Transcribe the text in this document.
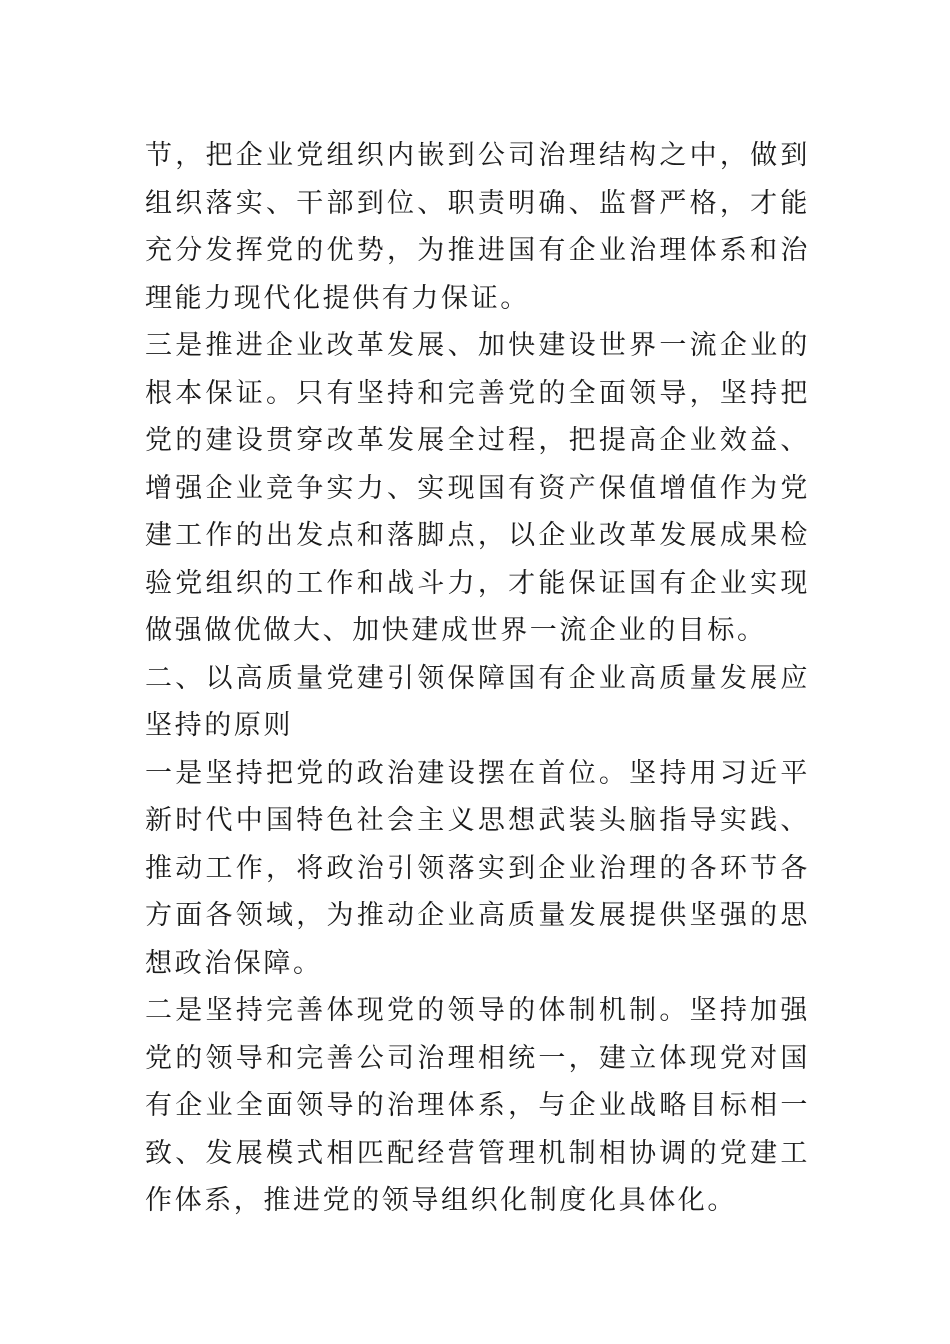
节，把企业党组织内嵌到公司治理结构之中，做到组织落实、干部到位、职责明确、监督严格，才能充分发挥党的优势，为推进国有企业治理体系和治理能力现代化提供有力保证。

三是推进企业改革发展、加快建设世界一流企业的根本保证。只有坚持和完善党的全面领导，坚持把党的建设贯穿改革发展全过程，把提高企业效益、增强企业竞争实力、实现国有资产保值增值作为党建工作的出发点和落脚点，以企业改革发展成果检验党组织的工作和战斗力，才能保证国有企业实现做强做优做大、加快建成世界一流企业的目标。

二、以高质量党建引领保障国有企业高质量发展应坚持的原则

一是坚持把党的政治建设摆在首位。坚持用习近平新时代中国特色社会主义思想武装头脑指导实践、推动工作，将政治引领落实到企业治理的各环节各方面各领域，为推动企业高质量发展提供坚强的思想政治保障。

二是坚持完善体现党的领导的体制机制。坚持加强党的领导和完善公司治理相统一，建立体现党对国有企业全面领导的治理体系，与企业战略目标相一致、发展模式相匹配经营管理机制相协调的党建工作体系，推进党的领导组织化制度化具体化。
